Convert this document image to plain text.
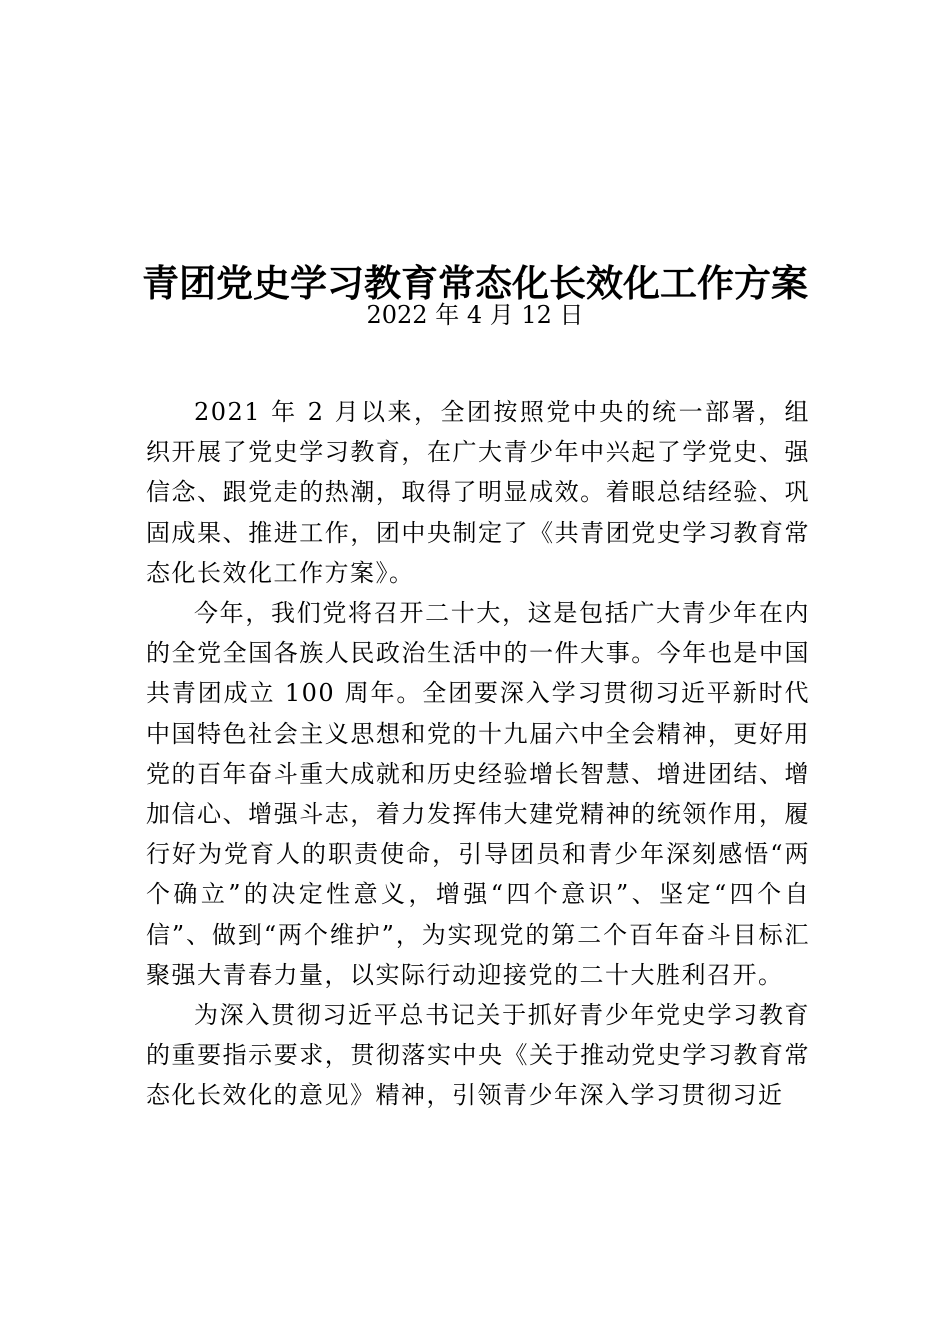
青团党史学习教育常态化长效化工作方案
2022 年 4 月 12 日

2021 年 2 月以来，全团按照党中央的统一部署，组织开展了党史学习教育，在广大青少年中兴起了学党史、强信念、跟党走的热潮，取得了明显成效。着眼总结经验、巩固成果、推进工作，团中央制定了《共青团党史学习教育常态化长效化工作方案》。

今年，我们党将召开二十大，这是包括广大青少年在内的全党全国各族人民政治生活中的一件大事。今年也是中国共青团成立 100 周年。全团要深入学习贯彻习近平新时代中国特色社会主义思想和党的十九届六中全会精神，更好用党的百年奋斗重大成就和历史经验增长智慧、增进团结、增加信心、增强斗志，着力发挥伟大建党精神的统领作用，履行好为党育人的职责使命，引导团员和青少年深刻感悟“两个确立”的决定性意义，增强“四个意识”、坚定“四个自信”、做到“两个维护”，为实现党的第二个百年奋斗目标汇聚强大青春力量，以实际行动迎接党的二十大胜利召开。

为深入贯彻习近平总书记关于抓好青少年党史学习教育的重要指示要求，贯彻落实中央《关于推动党史学习教育常态化长效化的意见》精神，引领青少年深入学习贯彻习近
